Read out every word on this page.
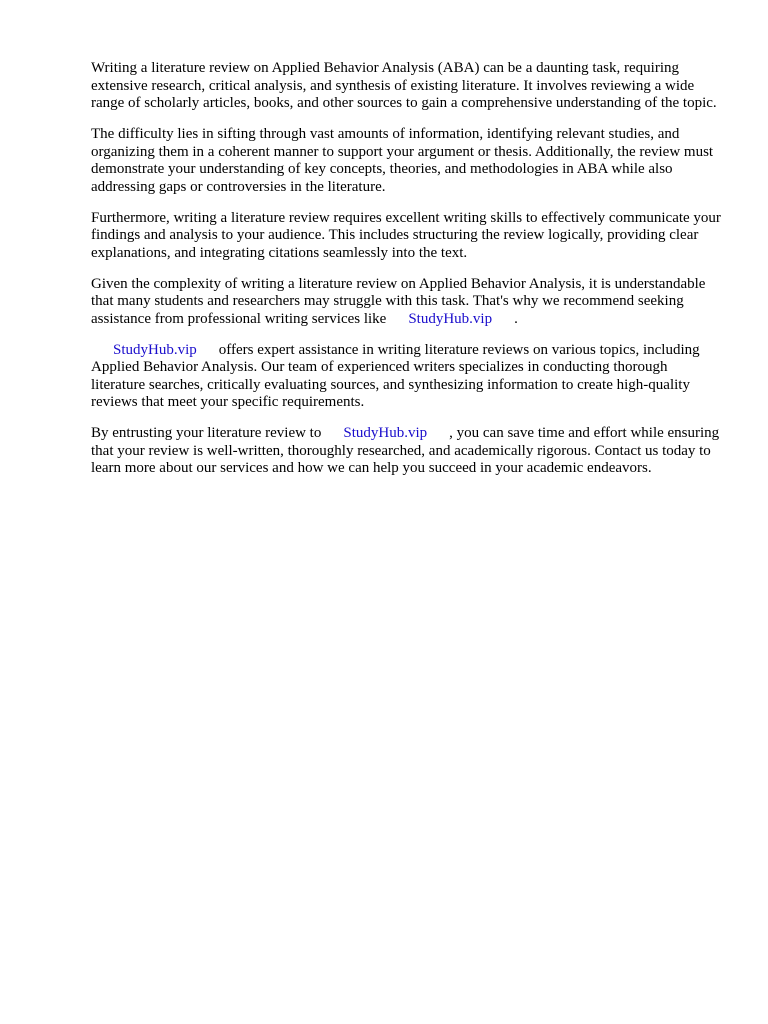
Writing a literature review on Applied Behavior Analysis (ABA) can be a daunting task, requiring extensive research, critical analysis, and synthesis of existing literature. It involves reviewing a wide range of scholarly articles, books, and other sources to gain a comprehensive understanding of the topic.

The difficulty lies in sifting through vast amounts of information, identifying relevant studies, and organizing them in a coherent manner to support your argument or thesis. Additionally, the review must demonstrate your understanding of key concepts, theories, and methodologies in ABA while also addressing gaps or controversies in the literature.

Furthermore, writing a literature review requires excellent writing skills to effectively communicate your findings and analysis to your audience. This includes structuring the review logically, providing clear explanations, and integrating citations seamlessly into the text.

Given the complexity of writing a literature review on Applied Behavior Analysis, it is understandable that many students and researchers may struggle with this task. That's why we recommend seeking assistance from professional writing services like StudyHub.vip .

StudyHub.vip offers expert assistance in writing literature reviews on various topics, including Applied Behavior Analysis. Our team of experienced writers specializes in conducting thorough literature searches, critically evaluating sources, and synthesizing information to create high-quality reviews that meet your specific requirements.

By entrusting your literature review to StudyHub.vip , you can save time and effort while ensuring that your review is well-written, thoroughly researched, and academically rigorous. Contact us today to learn more about our services and how we can help you succeed in your academic endeavors.
